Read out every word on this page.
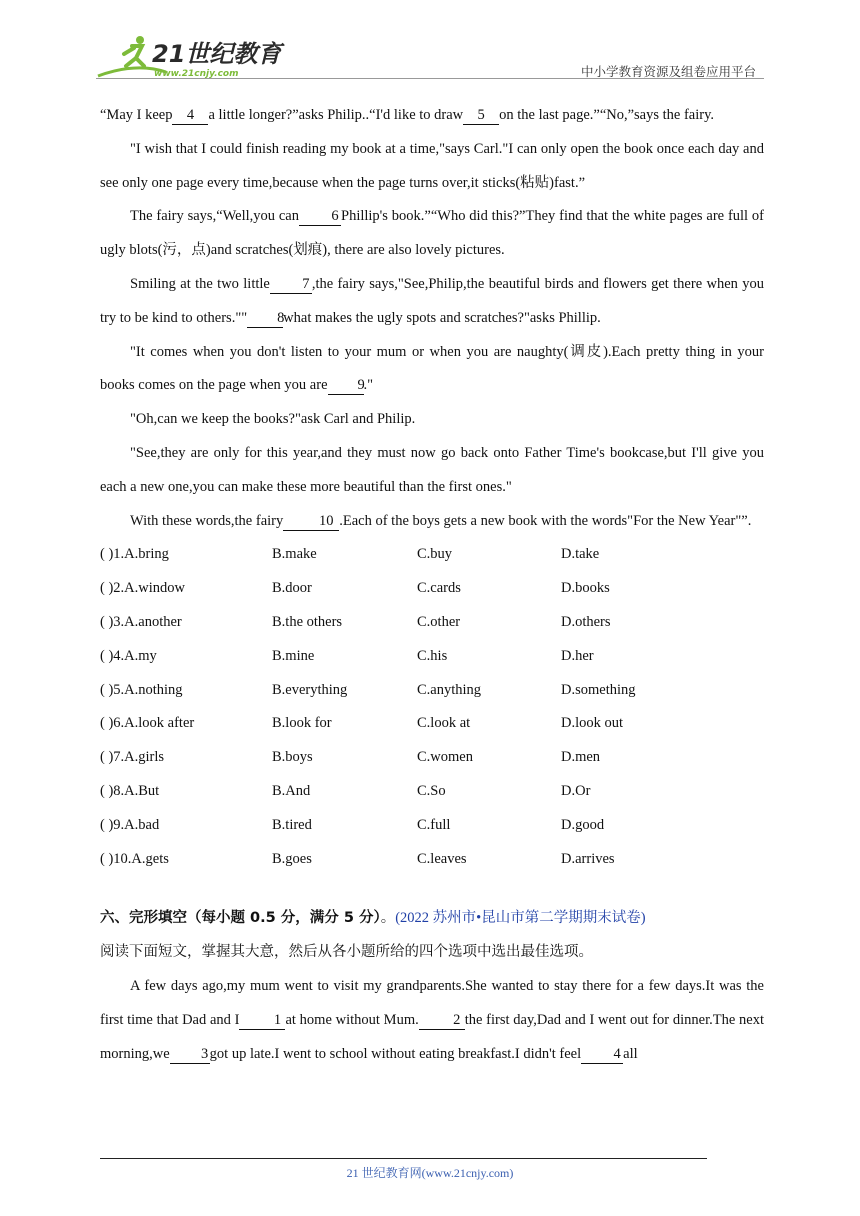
21世纪教育
www.21cnjy.com	中小学教育资源及组卷应用平台

“May I keep 4 a little longer?”asks Philip..“I'd like to draw 5 on the last page.”“No,”says the fairy.

"I wish that I could finish reading my book at a time,"says Carl."I can only open the book once each day and see only one page every time,because when the page turns over,it sticks(粘贴)fast.”

The fairy says,“Well,you can 6 Phillip's book.”“Who did this?”They find that the white pages are full of ugly blots(污，点)and scratches(划痕), there are also lovely pictures.

Smiling at the two little 7 ,the fairy says,"See,Philip,the beautiful birds and flowers get there when you try to be kind to others."" 8what makes the ugly spots and scratches?"asks Phillip.

"It comes when you don't listen to your mum or when you are naughty(调皮).Each pretty thing in your books comes on the page when you are 9."

"Oh,can we keep the books?"ask Carl and Philip.

"See,they are only for this year,and they must now go back onto Father Time's bookcase,but I'll give you each a new one,you can make these more beautiful than the first ones."

With these words,the fairy 10 .Each of the boys gets a new book with the words"For the New Year"”.

( )1.A.bring	B.make	C.buy	D.take
( )2.A.window	B.door	C.cards	D.books
( )3.A.another	B.the others	C.other	D.others
( )4.A.my	B.mine	C.his	D.her
( )5.A.nothing	B.everything	C.anything	D.something
( )6.A.look after	B.look for	C.look at	D.look out
( )7.A.girls	B.boys	C.women	D.men
( )8.A.But	B.And	C.So	D.Or
( )9.A.bad	B.tired	C.full	D.good
( )10.A.gets	B.goes	C.leaves	D.arrives
六、完形填空（每小题 0.5 分，满分 5 分）。(2022 苏州市•昆山市第二学期期末试卷)

阅读下面短文，掌握其大意，然后从各小题所给的四个选项中选出最佳选项。

A few days ago,my mum went to visit my grandparents.She wanted to stay there for a few days.It was the first time that Dad and I 1 at home without Mum. 2 the first day,Dad and I went out for dinner.The next morning,we 3got up late.I went to school without eating breakfast.I didn't feel 4 all

21 世纪教育网(www.21cnjy.com)
